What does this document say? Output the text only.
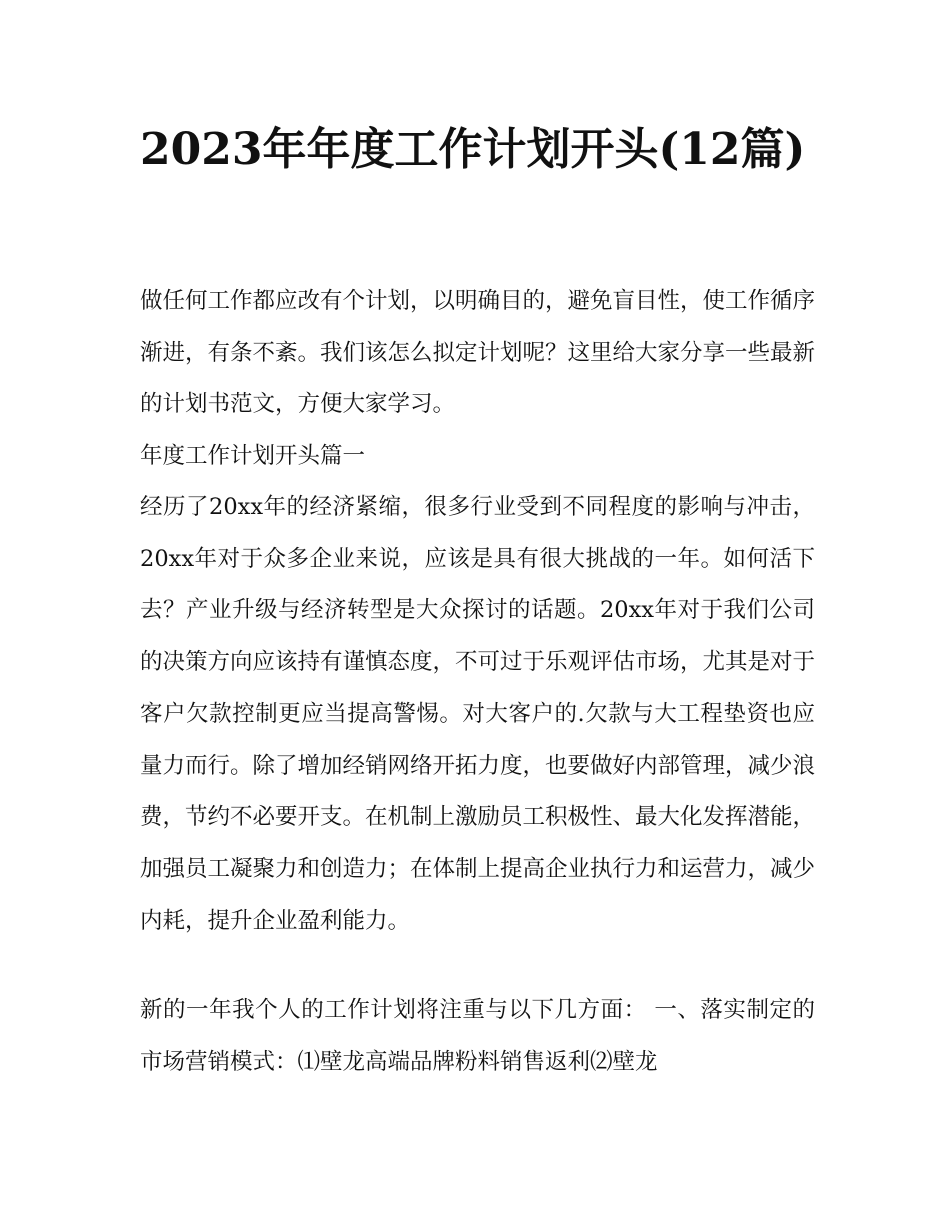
2023年年度工作计划开头(12篇)

做任何工作都应改有个计划，以明确目的，避免盲目性，使工作循序渐进，有条不紊。我们该怎么拟定计划呢？这里给大家分享一些最新的计划书范文，方便大家学习。

年度工作计划开头篇一

经历了20xx年的经济紧缩，很多行业受到不同程度的影响与冲击，20xx年对于众多企业来说，应该是具有很大挑战的一年。如何活下去？产业升级与经济转型是大众探讨的话题。20xx年对于我们公司的决策方向应该持有谨慎态度，不可过于乐观评估市场，尤其是对于客户欠款控制更应当提高警惕。对大客户的.欠款与大工程垫资也应量力而行。除了增加经销网络开拓力度，也要做好内部管理，减少浪费，节约不必要开支。在机制上激励员工积极性、最大化发挥潜能，加强员工凝聚力和创造力；在体制上提高企业执行力和运营力，减少内耗，提升企业盈利能力。

新的一年我个人的工作计划将注重与以下几方面： 一、落实制定的市场营销模式：⑴壁龙高端品牌粉料销售返利⑵壁龙
